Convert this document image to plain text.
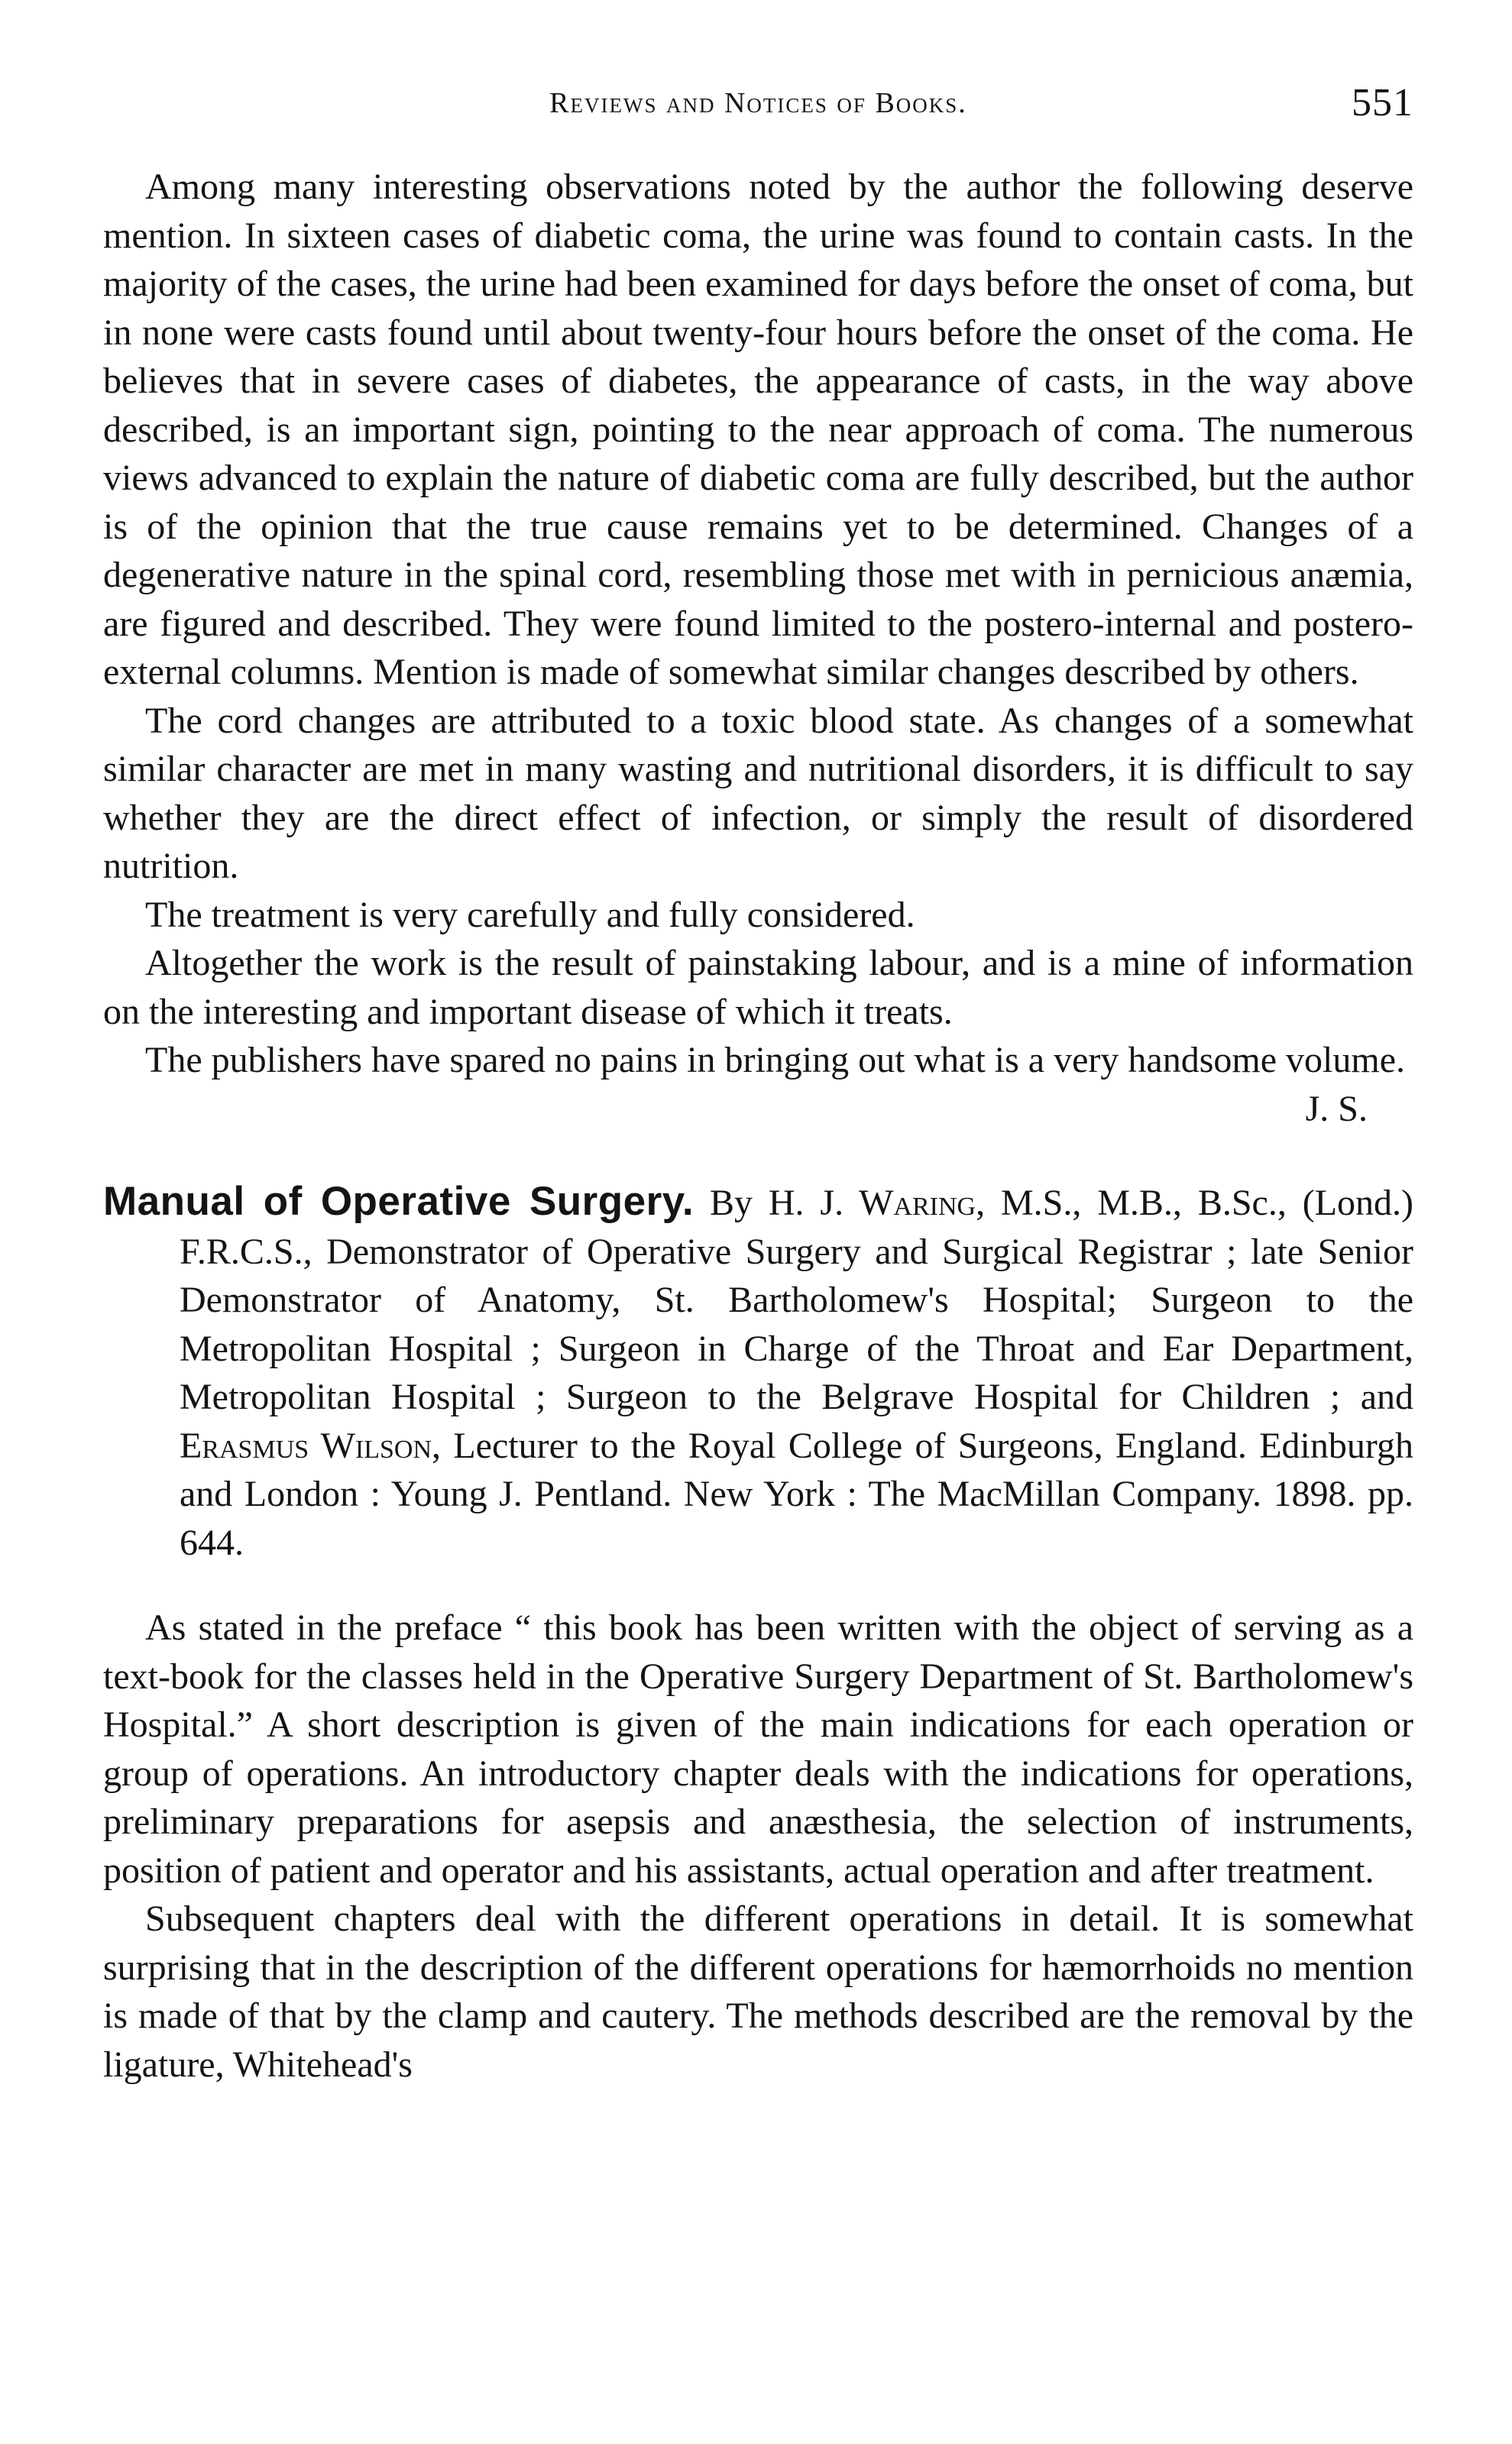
Reviews and Notices of Books.	551

Among many interesting observations noted by the author the following deserve mention. In sixteen cases of diabetic coma, the urine was found to contain casts. In the majority of the cases, the urine had been examined for days before the onset of coma, but in none were casts found until about twenty-four hours before the onset of the coma. He believes that in severe cases of diabetes, the appearance of casts, in the way above described, is an important sign, pointing to the near approach of coma. The numerous views advanced to explain the nature of diabetic coma are fully described, but the author is of the opinion that the true cause remains yet to be determined. Changes of a degenerative nature in the spinal cord, resembling those met with in pernicious anæmia, are figured and described. They were found limited to the postero-internal and postero-external columns. Mention is made of somewhat similar changes described by others.

The cord changes are attributed to a toxic blood state. As changes of a somewhat similar character are met in many wasting and nutritional disorders, it is difficult to say whether they are the direct effect of infection, or simply the result of disordered nutrition.

The treatment is very carefully and fully considered.

Altogether the work is the result of painstaking labour, and is a mine of information on the interesting and important disease of which it treats.

The publishers have spared no pains in bringing out what is a very handsome volume.

J. S.

Manual of Operative Surgery. By H. J. Waring, M.S., M.B., B.Sc., (Lond.) F.R.C.S., Demonstrator of Operative Surgery and Surgical Registrar ; late Senior Demonstrator of Anatomy, St. Bartholomew's Hospital; Surgeon to the Metropolitan Hospital ; Surgeon in Charge of the Throat and Ear Department, Metropolitan Hospital ; Surgeon to the Belgrave Hospital for Children ; and Erasmus Wilson, Lecturer to the Royal College of Surgeons, England. Edinburgh and London : Young J. Pentland. New York : The MacMillan Company. 1898. pp. 644.

As stated in the preface “ this book has been written with the object of serving as a text-book for the classes held in the Operative Surgery Department of St. Bartholomew's Hospital.” A short description is given of the main indications for each operation or group of operations. An introductory chapter deals with the indications for operations, preliminary preparations for asepsis and anæsthesia, the selection of instruments, position of patient and operator and his assistants, actual operation and after treatment.

Subsequent chapters deal with the different operations in detail. It is somewhat surprising that in the description of the different operations for hæmorrhoids no mention is made of that by the clamp and cautery. The methods described are the removal by the ligature, Whitehead's
